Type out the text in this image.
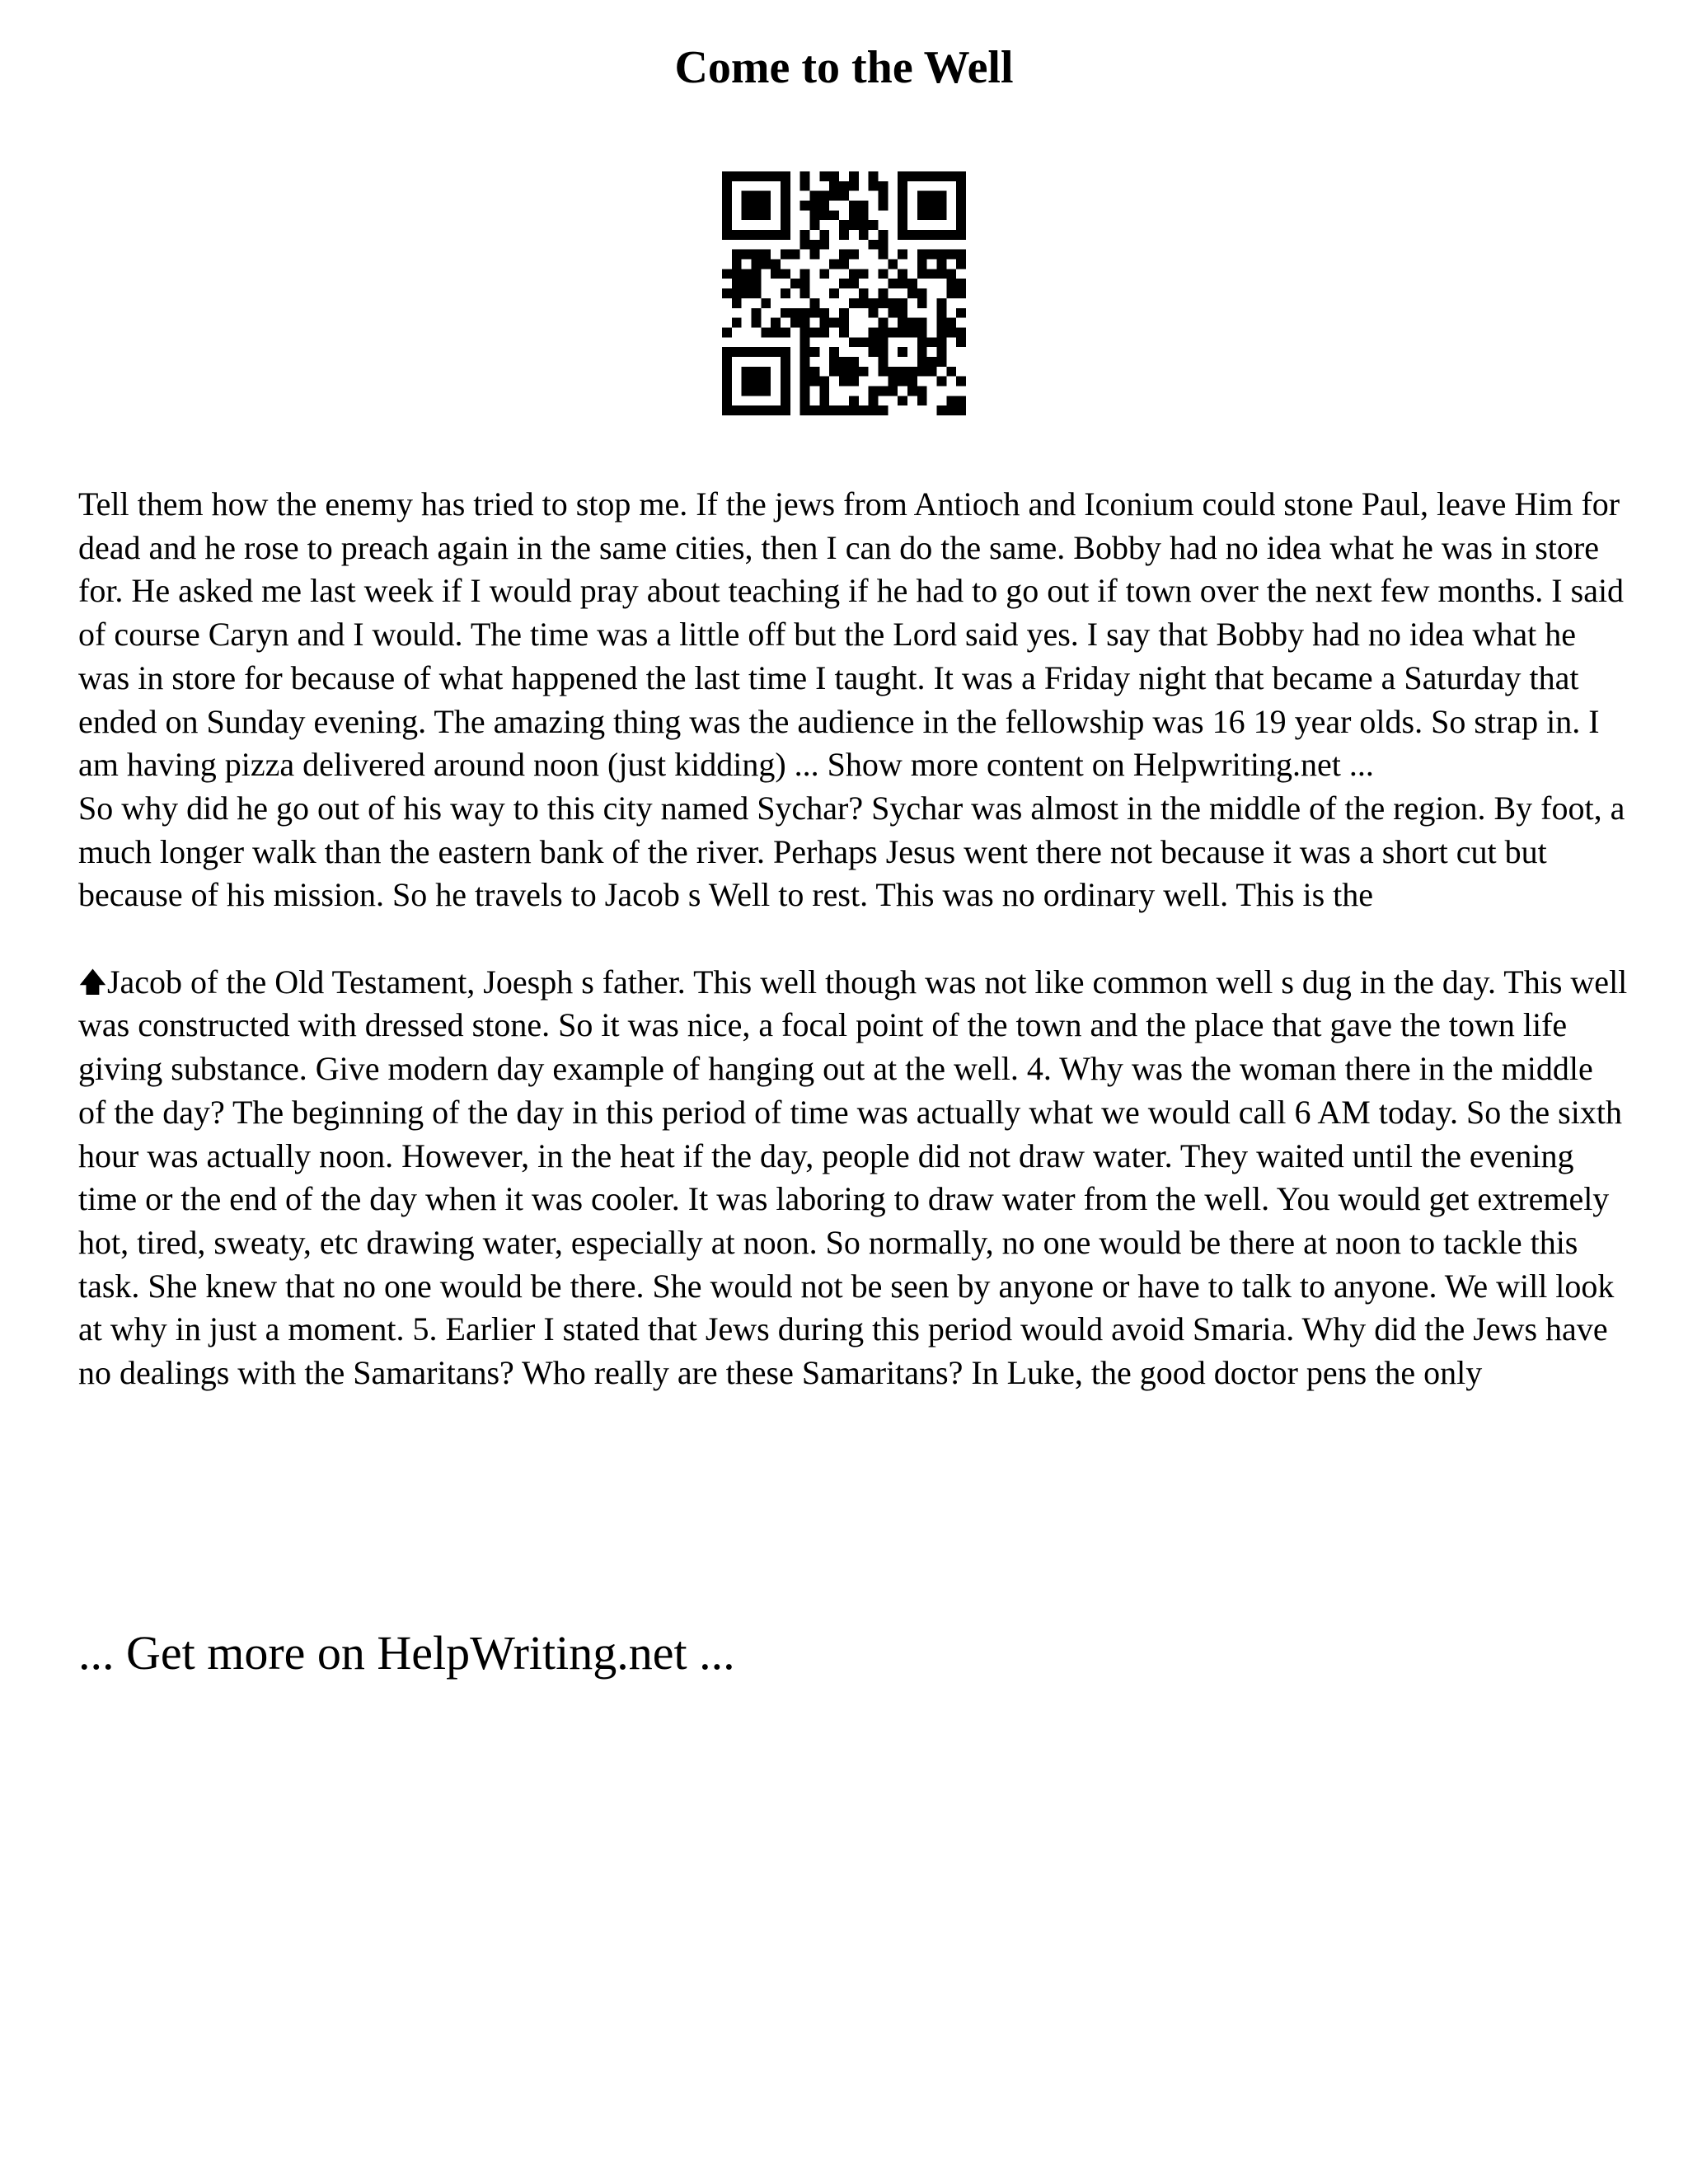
Come to the Well

Tell them how the enemy has tried to stop me. If the jews from Antioch and Iconium could stone Paul, leave Him for dead and he rose to preach again in the same cities, then I can do the same. Bobby had no idea what he was in store for. He asked me last week if I would pray about teaching if he had to go out if town over the next few months. I said of course Caryn and I would. The time was a little off but the Lord said yes. I say that Bobby had no idea what he was in store for because of what happened the last time I taught. It was a Friday night that became a Saturday that ended on Sunday evening. The amazing thing was the audience in the fellowship was 16 19 year olds. So strap in. I am having pizza delivered around noon (just kidding) ... Show more content on Helpwriting.net ...

So why did he go out of his way to this city named Sychar? Sychar was almost in the middle of the region. By foot, a much longer walk than the eastern bank of the river. Perhaps Jesus went there not because it was a short cut but because of his mission. So he travels to Jacob s Well to rest. This was no ordinary well. This is the

🡅Jacob of the Old Testament, Joesph s father. This well though was not like common well s dug in the day. This well was constructed with dressed stone. So it was nice, a focal point of the town and the place that gave the town life giving substance. Give modern day example of hanging out at the well. 4. Why was the woman there in the middle of the day? The beginning of the day in this period of time was actually what we would call 6 AM today. So the sixth hour was actually noon. However, in the heat if the day, people did not draw water. They waited until the evening time or the end of the day when it was cooler. It was laboring to draw water from the well. You would get extremely hot, tired, sweaty, etc drawing water, especially at noon. So normally, no one would be there at noon to tackle this task. She knew that no one would be there. She would not be seen by anyone or have to talk to anyone. We will look at why in just a moment. 5. Earlier I stated that Jews during this period would avoid Smaria. Why did the Jews have no dealings with the Samaritans? Who really are these Samaritans? In Luke, the good doctor pens the only

... Get more on HelpWriting.net ...
